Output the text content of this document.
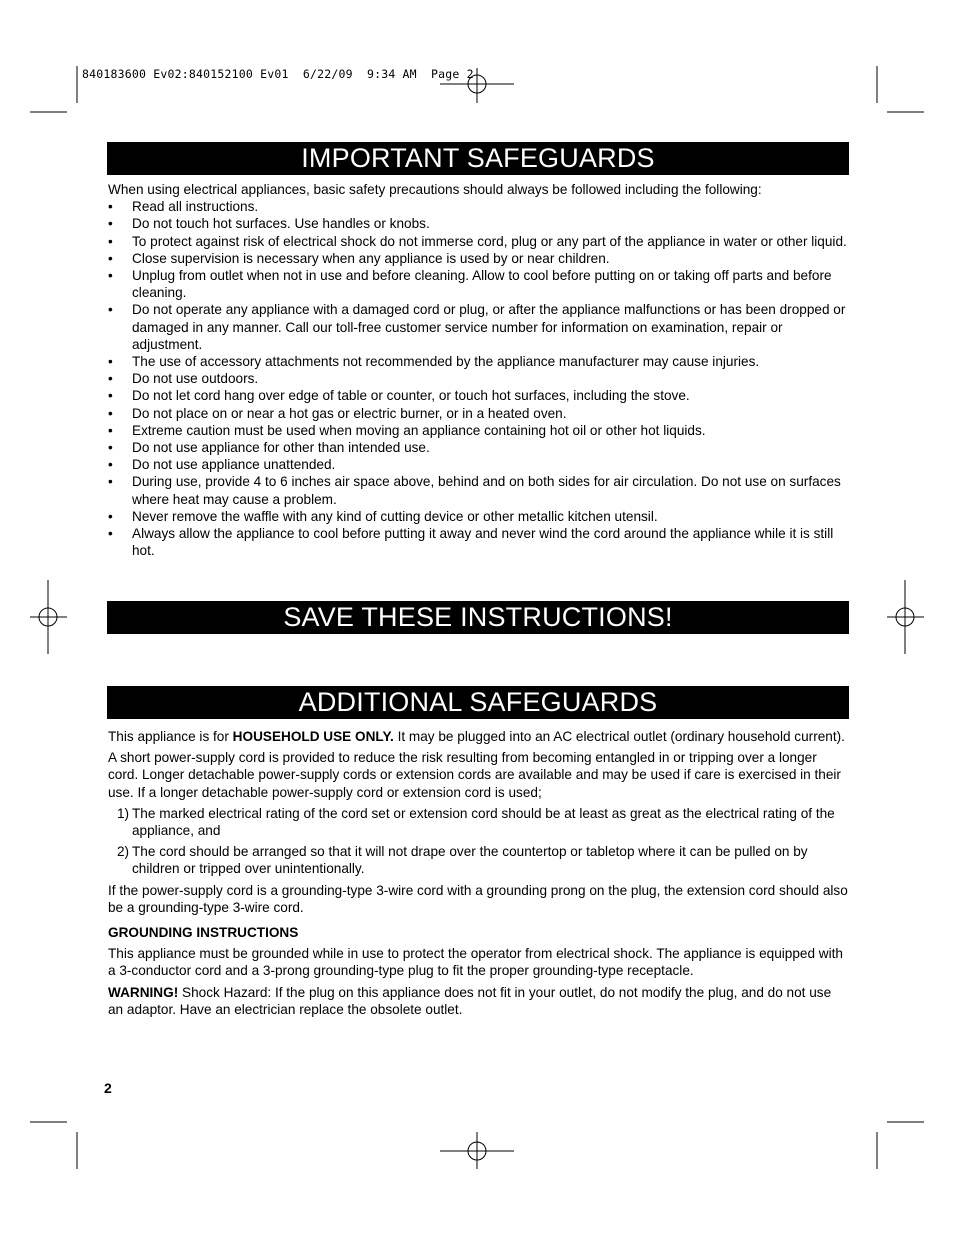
840183600 Ev02:840152100 Ev01  6/22/09  9:34 AM  Page 2
IMPORTANT SAFEGUARDS

When using electrical appliances, basic safety precautions should always be followed including the following:

• Read all instructions.
• Do not touch hot surfaces. Use handles or knobs.
• To protect against risk of electrical shock do not immerse cord, plug or any part of the appliance in water or other liquid.
• Close supervision is necessary when any appliance is used by or near children.
• Unplug from outlet when not in use and before cleaning. Allow to cool before putting on or taking off parts and before cleaning.
• Do not operate any appliance with a damaged cord or plug, or after the appliance malfunctions or has been dropped or damaged in any manner. Call our toll-free customer service number for information on examination, repair or adjustment.
• The use of accessory attachments not recommended by the appliance manufacturer may cause injuries.
• Do not use outdoors.
• Do not let cord hang over edge of table or counter, or touch hot surfaces, including the stove.
• Do not place on or near a hot gas or electric burner, or in a heated oven.
• Extreme caution must be used when moving an appliance containing hot oil or other hot liquids.
• Do not use appliance for other than intended use.
• Do not use appliance unattended.
• During use, provide 4 to 6 inches air space above, behind and on both sides for air circulation. Do not use on surfaces where heat may cause a problem.
• Never remove the waffle with any kind of cutting device or other metallic kitchen utensil.
• Always allow the appliance to cool before putting it away and never wind the cord around the appliance while it is still hot.
SAVE THESE INSTRUCTIONS!
ADDITIONAL SAFEGUARDS

This appliance is for HOUSEHOLD USE ONLY. It may be plugged into an AC electrical outlet (ordinary household current).

A short power-supply cord is provided to reduce the risk resulting from becoming entangled in or tripping over a longer cord. Longer detachable power-supply cords or extension cords are available and may be used if care is exercised in their use. If a longer detachable power-supply cord or extension cord is used;

1) The marked electrical rating of the cord set or extension cord should be at least as great as the electrical rating of the appliance, and
2) The cord should be arranged so that it will not drape over the countertop or tabletop where it can be pulled on by children or tripped over unintentionally.

If the power-supply cord is a grounding-type 3-wire cord with a grounding prong on the plug, the extension cord should also be a grounding-type 3-wire cord.

GROUNDING INSTRUCTIONS

This appliance must be grounded while in use to protect the operator from electrical shock. The appliance is equipped with a 3-conductor cord and a 3-prong grounding-type plug to fit the proper grounding-type receptacle.

WARNING! Shock Hazard: If the plug on this appliance does not fit in your outlet, do not modify the plug, and do not use an adaptor. Have an electrician replace the obsolete outlet.

2
